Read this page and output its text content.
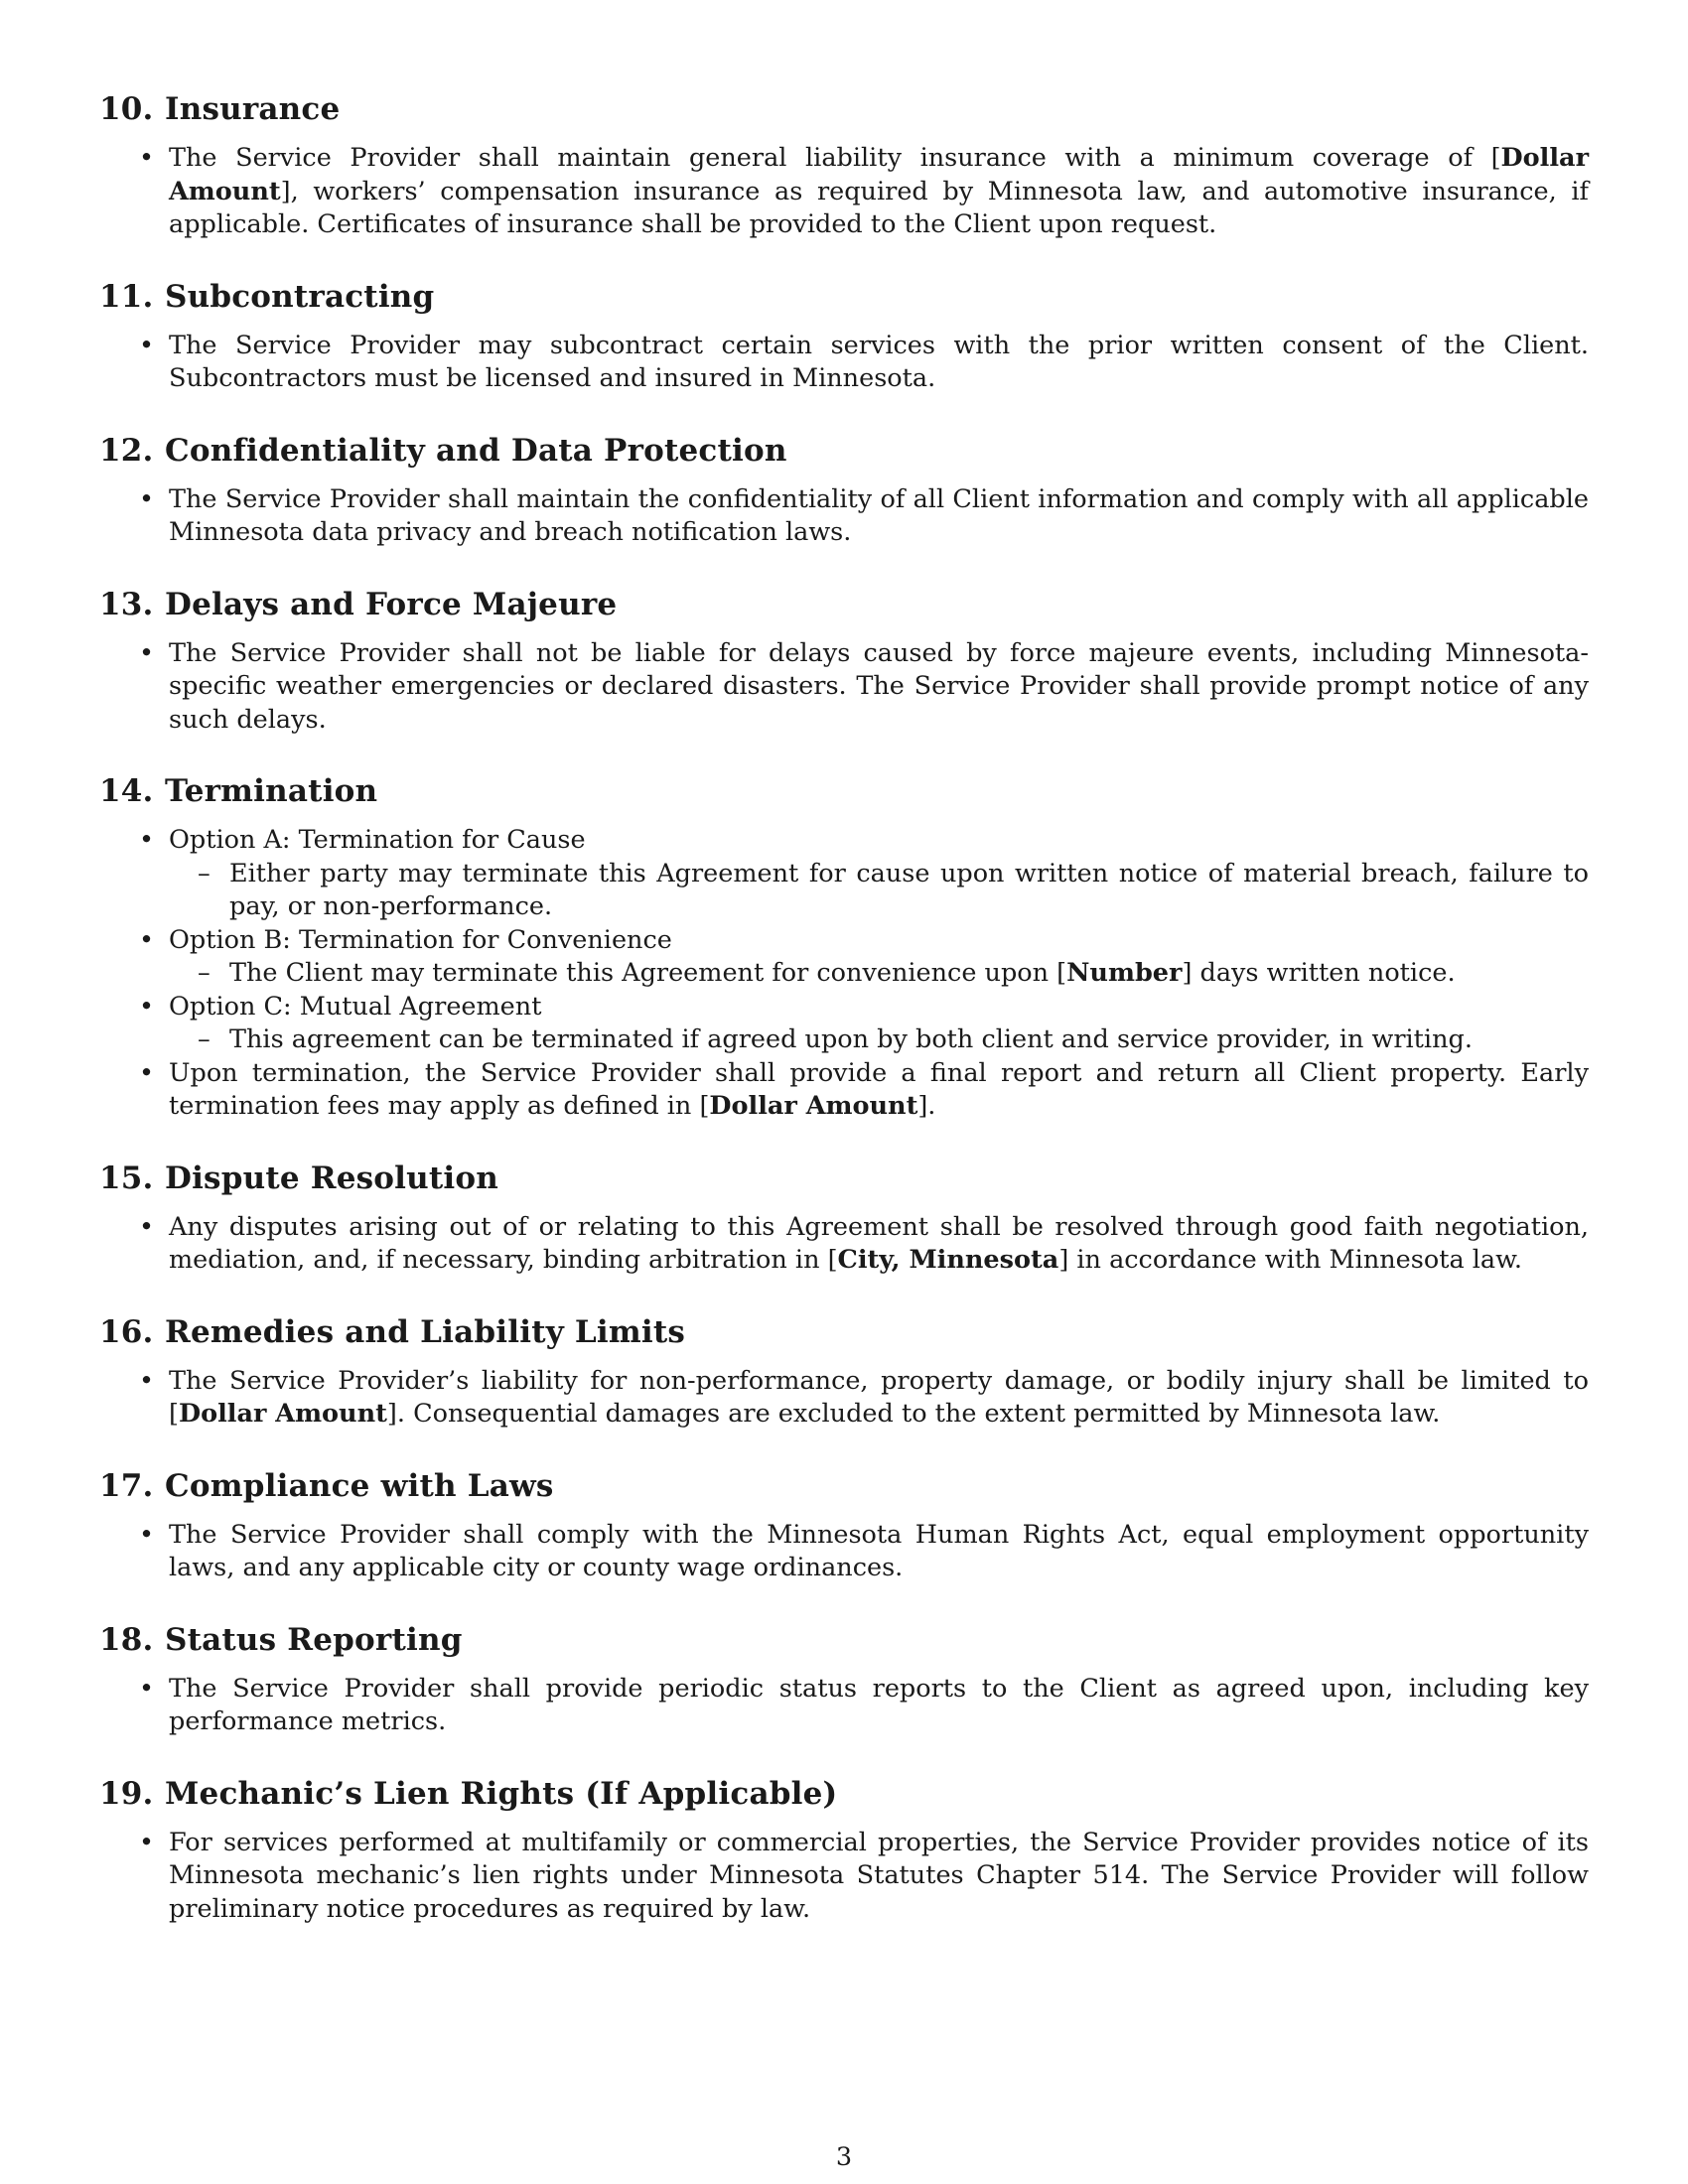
10. Insurance
• The Service Provider shall maintain general liability insurance with a minimum coverage of [Dollar Amount], workers’ compensation insurance as required by Minnesota law, and automotive insurance, if applicable. Certificates of insurance shall be provided to the Client upon request.
11. Subcontracting
• The Service Provider may subcontract certain services with the prior written consent of the Client. Subcontractors must be licensed and insured in Minnesota.
12. Confidentiality and Data Protection
• The Service Provider shall maintain the confidentiality of all Client information and comply with all applicable Minnesota data privacy and breach notification laws.
13. Delays and Force Majeure
• The Service Provider shall not be liable for delays caused by force majeure events, including Minnesota-specific weather emergencies or declared disasters. The Service Provider shall provide prompt notice of any such delays.
14. Termination
• Option A: Termination for Cause
– Either party may terminate this Agreement for cause upon written notice of material breach, failure to pay, or non-performance.
• Option B: Termination for Convenience
– The Client may terminate this Agreement for convenience upon [Number] days written notice.
• Option C: Mutual Agreement
– This agreement can be terminated if agreed upon by both client and service provider, in writing.
• Upon termination, the Service Provider shall provide a final report and return all Client property. Early termination fees may apply as defined in [Dollar Amount].
15. Dispute Resolution
• Any disputes arising out of or relating to this Agreement shall be resolved through good faith negotiation, mediation, and, if necessary, binding arbitration in [City, Minnesota] in accordance with Minnesota law.
16. Remedies and Liability Limits
• The Service Provider’s liability for non-performance, property damage, or bodily injury shall be limited to [Dollar Amount]. Consequential damages are excluded to the extent permitted by Minnesota law.
17. Compliance with Laws
• The Service Provider shall comply with the Minnesota Human Rights Act, equal employment opportunity laws, and any applicable city or county wage ordinances.
18. Status Reporting
• The Service Provider shall provide periodic status reports to the Client as agreed upon, including key performance metrics.
19. Mechanic’s Lien Rights (If Applicable)
• For services performed at multifamily or commercial properties, the Service Provider provides notice of its Minnesota mechanic’s lien rights under Minnesota Statutes Chapter 514. The Service Provider will follow preliminary notice procedures as required by law.
3
